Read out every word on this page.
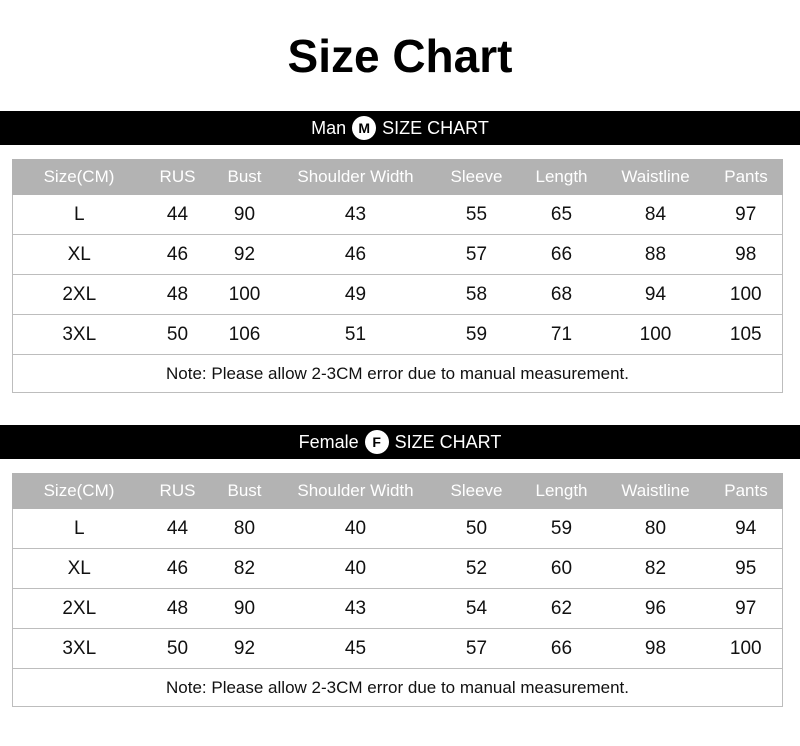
Size Chart
Man M SIZE CHART
Size(CM)	RUS	Bust	Shoulder Width	Sleeve	Length	Waistline	Pants
L	44	90	43	55	65	84	97
XL	46	92	46	57	66	88	98
2XL	48	100	49	58	68	94	100
3XL	50	106	51	59	71	100	105
Note: Please allow 2-3CM error due to manual measurement.							
Female F SIZE CHART
Size(CM)	RUS	Bust	Shoulder Width	Sleeve	Length	Waistline	Pants
L	44	80	40	50	59	80	94
XL	46	82	40	52	60	82	95
2XL	48	90	43	54	62	96	97
3XL	50	92	45	57	66	98	100
Note: Please allow 2-3CM error due to manual measurement.							
